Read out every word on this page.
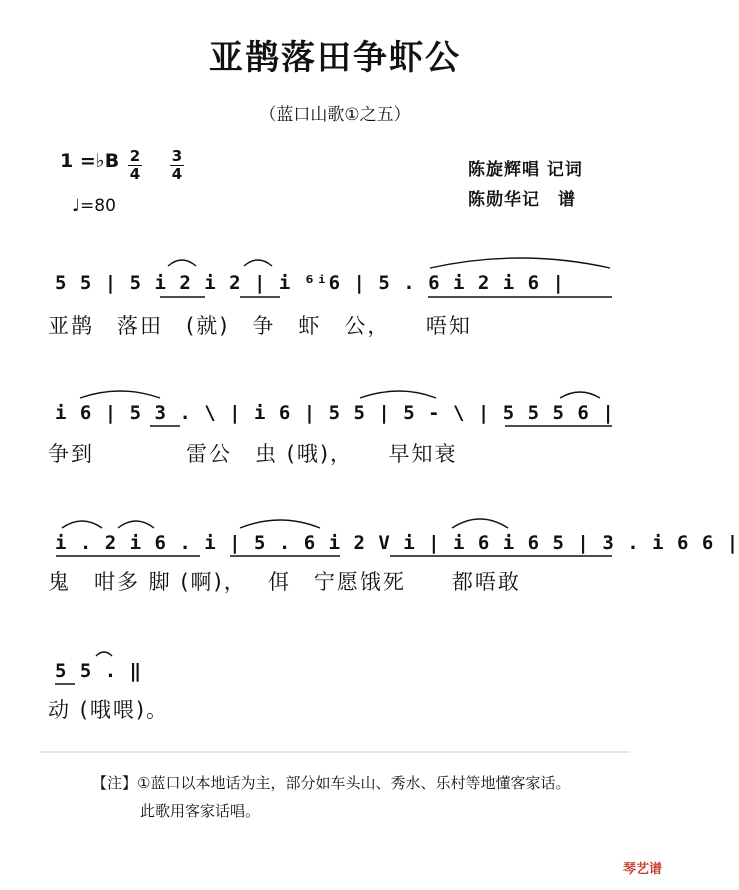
亚鹊落田争虾公
（蓝口山歌①之五）
1 =♭B 2
4
3
4
♩=80
陈旋辉唱 记词
陈勋华记　谱
5 5 | 5 i 2 i 2 | i ⁶ⁱ6 | 5 . 6 i 2 i 6 |
亚鹊　落田　(就)　争　虾　公，　　唔知
i 6 | 5 3 . \ | i 6 | 5 5 | 5 - \ | 5 5 5 6 |
争到　　　　雷公　虫 (哦)，　　早知衰
i . 2 i 6 . i | 5 . 6 i 2 V i | i 6 i 6 5 | 3 . i 6 6 |
鬼　咁多 脚 (啊)，　 佴　宁愿饿死　　都唔敢
5 5 . ‖
动 (哦喂)。
【注】①蓝口以本地话为主，部分如车头山、秀水、乐村等地懂客家话。
此歌用客家话唱。
琴艺谱
